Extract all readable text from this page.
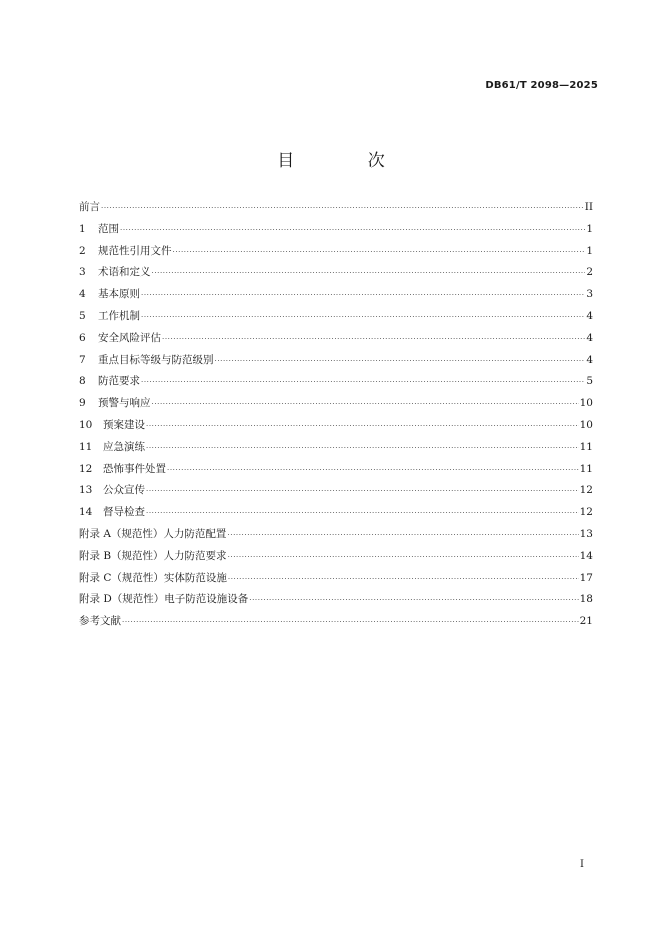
DB61/T 2098—2025
目 次
前言 .....	II
1	范围 .....	1
2	规范性引用文件 .....	1
3	术语和定义 .....	2
4	基本原则 .....	3
5	工作机制 .....	4
6	安全风险评估 .....	4
7	重点目标等级与防范级别 .....	4
8	防范要求 .....	5
9	预警与响应 .....	10
10	预案建设 .....	10
11	应急演练 .....	11
12	恐怖事件处置 .....	11
13	公众宣传 .....	12
14	督导检查 .....	12
附录 A（规范性）人力防范配置 .....	13
附录 B（规范性）人力防范要求 .....	14
附录 C（规范性）实体防范设施 .....	17
附录 D（规范性）电子防范设施设备 .....	18
参考文献 .....	21
I
